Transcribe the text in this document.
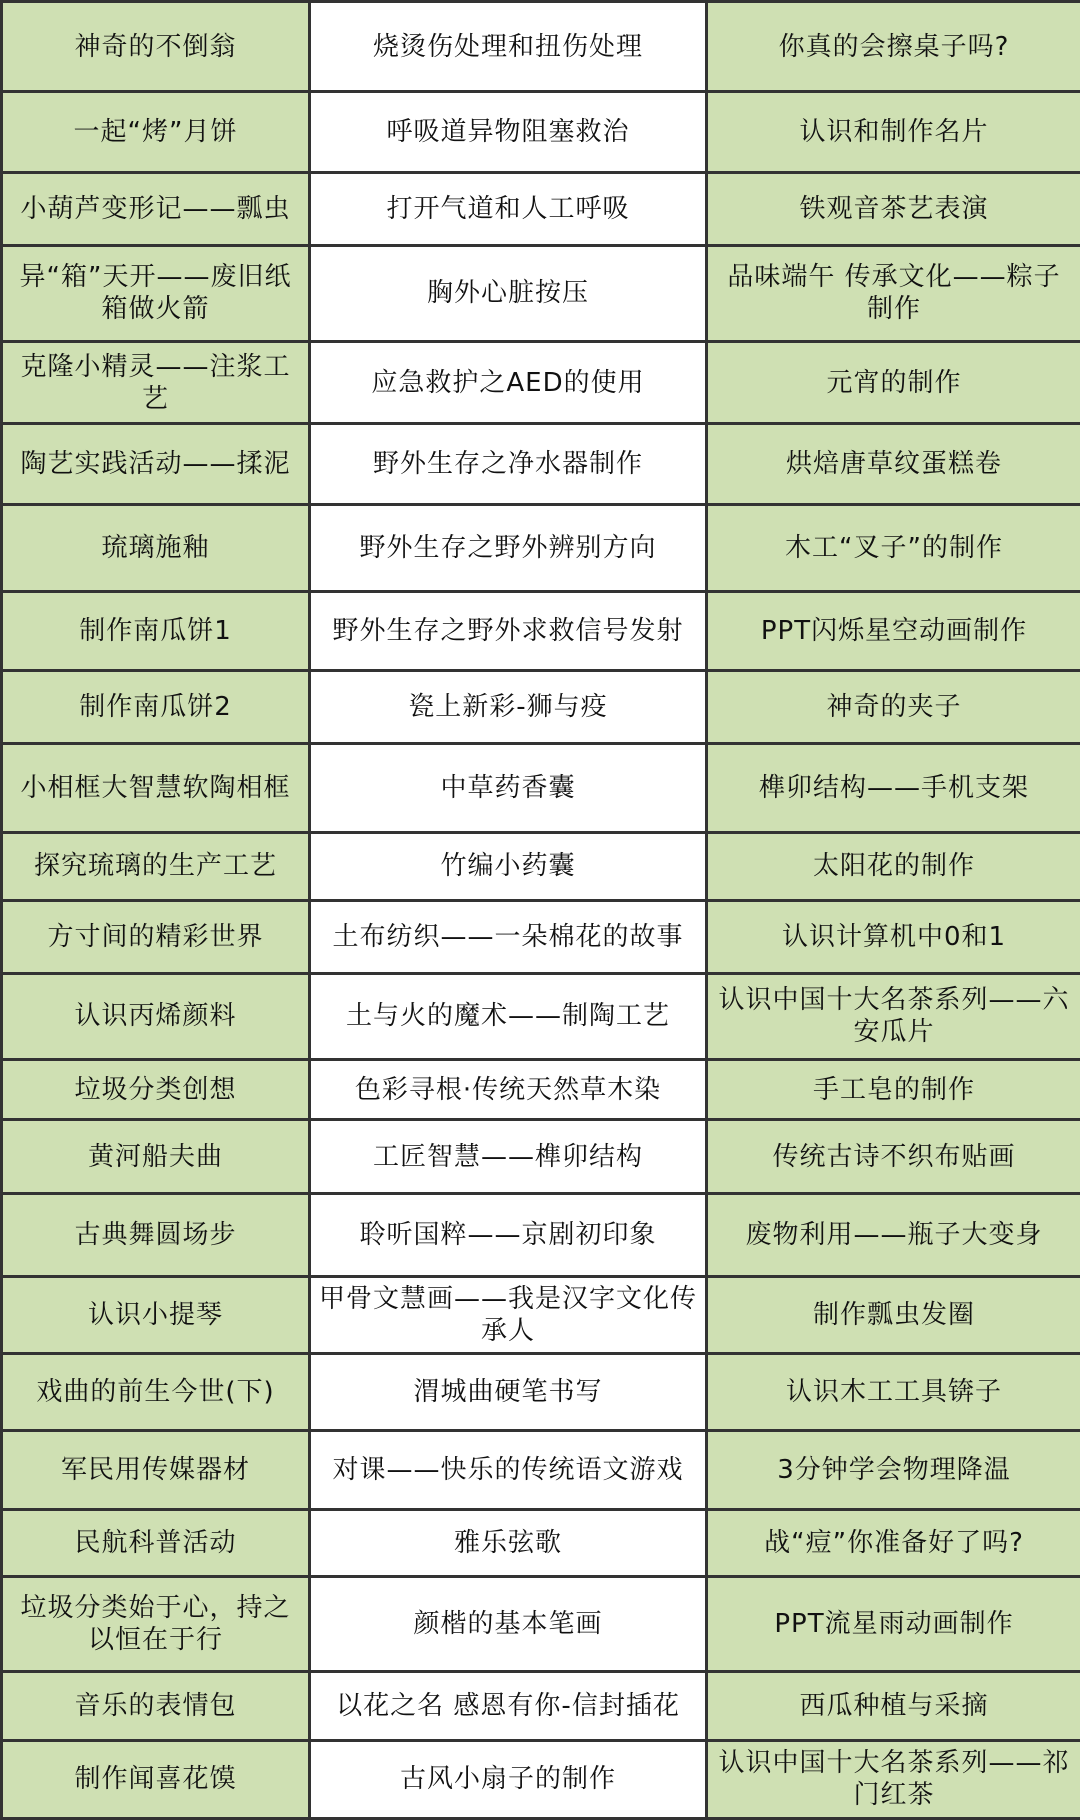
神奇的不倒翁	烧烫伤处理和扭伤处理	你真的会擦桌子吗?
一起“烤”月饼	呼吸道异物阻塞救治	认识和制作名片
小葫芦变形记——瓢虫	打开气道和人工呼吸	铁观音茶艺表演
异“箱”天开——废旧纸箱做火箭	胸外心脏按压	品味端午 传承文化——粽子制作
克隆小精灵——注浆工艺	应急救护之AED的使用	元宵的制作
陶艺实践活动——揉泥	野外生存之净水器制作	烘焙唐草纹蛋糕卷
琉璃施釉	野外生存之野外辨别方向	木工“叉子”的制作
制作南瓜饼1	野外生存之野外求救信号发射	PPT闪烁星空动画制作
制作南瓜饼2	瓷上新彩-狮与疫	神奇的夹子
小相框大智慧软陶相框	中草药香囊	榫卯结构——手机支架
探究琉璃的生产工艺	竹编小药囊	太阳花的制作
方寸间的精彩世界	土布纺织——一朵棉花的故事	认识计算机中0和1
认识丙烯颜料	土与火的魔术——制陶工艺	认识中国十大名茶系列——六安瓜片
垃圾分类创想	色彩寻根·传统天然草木染	手工皂的制作
黄河船夫曲	工匠智慧——榫卯结构	传统古诗不织布贴画
古典舞圆场步	聆听国粹——京剧初印象	废物利用——瓶子大变身
认识小提琴	甲骨文慧画——我是汉字文化传承人	制作瓢虫发圈
戏曲的前生今世(下)	渭城曲硬笔书写	认识木工工具锛子
军民用传媒器材	对课——快乐的传统语文游戏	3分钟学会物理降温
民航科普活动	雅乐弦歌	战“痘”你准备好了吗?
垃圾分类始于心，持之以恒在于行	颜楷的基本笔画	PPT流星雨动画制作
音乐的表情包	以花之名 感恩有你-信封插花	西瓜种植与采摘
制作闻喜花馍	古风小扇子的制作	认识中国十大名茶系列——祁门红茶
